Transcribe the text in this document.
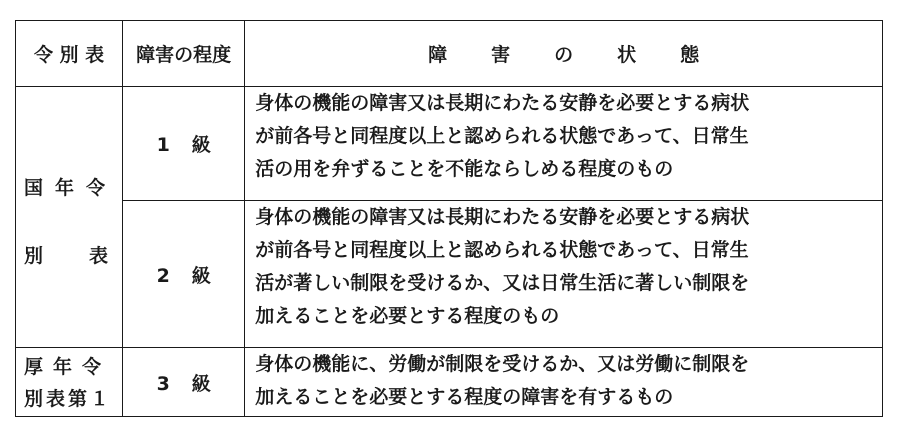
令 別 表	障害の程度	障害の状態

国年令
別表	1級	身体の機能の障害又は長期にわたる安静を必要とする病状
が前各号と同程度以上と認められる状態であって、日常生
活の用を弁ずることを不能ならしめる程度のもの

	2級	身体の機能の障害又は長期にわたる安静を必要とする病状
が前各号と同程度以上と認められる状態であって、日常生
活が著しい制限を受けるか、又は日常生活に著しい制限を
加えることを必要とする程度のもの

厚年令
別表第１	3級	身体の機能に、労働が制限を受けるか、又は労働に制限を
加えることを必要とする程度の障害を有するもの
